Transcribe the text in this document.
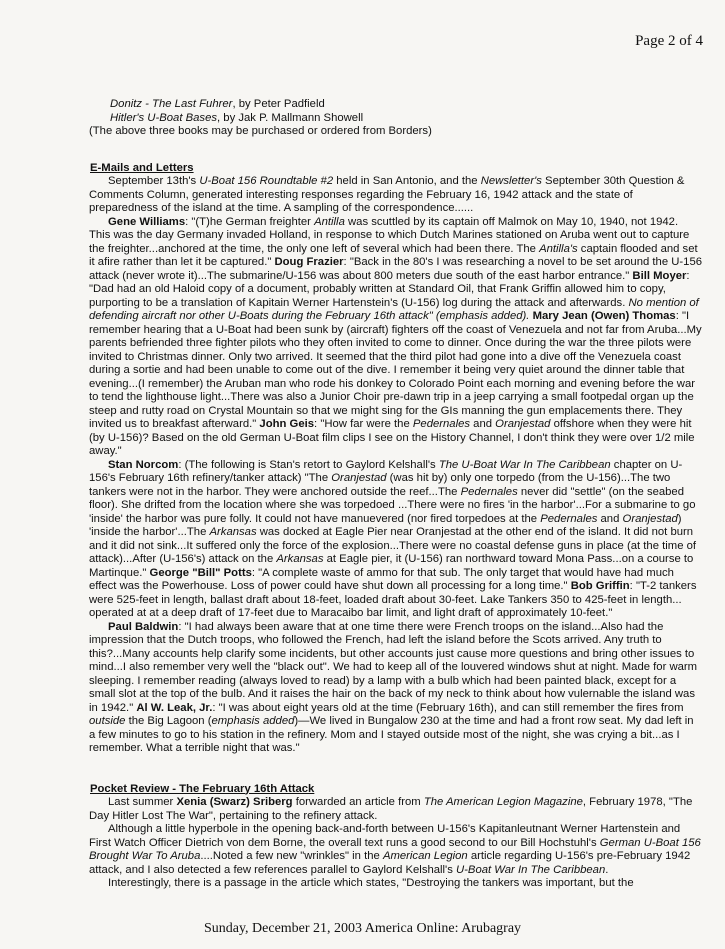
Page 2 of 4
Donitz - The Last Fuhrer, by Peter Padfield
Hitler's U-Boat Bases, by Jak P. Mallmann Showell
(The above three books may be purchased or ordered from Borders)
E-Mails and Letters

September 13th's U-Boat 156 Roundtable #2 held in San Antonio, and the Newsletter's September 30th Question & Comments Column, generated interesting responses regarding the February 16, 1942 attack and the state of preparedness of the island at the time. A sampling of the correspondence......

Gene Williams: "(T)he German freighter Antilla was scuttled by its captain off Malmok on May 10, 1940, not 1942. This was the day Germany invaded Holland, in response to which Dutch Marines stationed on Aruba went out to capture the freighter...anchored at the time, the only one left of several which had been there. The Antilla's captain flooded and set it afire rather than let it be captured." Doug Frazier: "Back in the 80's I was researching a novel to be set around the U-156 attack (never wrote it)...The submarine/U-156 was about 800 meters due south of the east harbor entrance." Bill Moyer: "Dad had an old Haloid copy of a document, probably written at Standard Oil, that Frank Griffin allowed him to copy, purporting to be a translation of Kapitain Werner Hartenstein's (U-156) log during the attack and afterwards. No mention of defending aircraft nor other U-Boats during the February 16th attack" (emphasis added). Mary Jean (Owen) Thomas: "I remember hearing that a U-Boat had been sunk by (aircraft) fighters off the coast of Venezuela and not far from Aruba...My parents befriended three fighter pilots who they often invited to come to dinner. Once during the war the three pilots were invited to Christmas dinner. Only two arrived. It seemed that the third pilot had gone into a dive off the Venezuela coast during a sortie and had been unable to come out of the dive. I remember it being very quiet around the dinner table that evening...(I remember) the Aruban man who rode his donkey to Colorado Point each morning and evening before the war to tend the lighthouse light...There was also a Junior Choir pre-dawn trip in a jeep carrying a small footpedal organ up the steep and rutty road on Crystal Mountain so that we might sing for the GIs manning the gun emplacements there. They invited us to breakfast afterward." John Geis: "How far were the Pedernales and Oranjestad offshore when they were hit (by U-156)? Based on the old German U-Boat film clips I see on the History Channel, I don't think they were over 1/2 mile away."

Stan Norcom: (The following is Stan's retort to Gaylord Kelshall's The U-Boat War In The Caribbean chapter on U-156's February 16th refinery/tanker attack) "The Oranjestad (was hit by) only one torpedo (from the U-156)...The two tankers were not in the harbor. They were anchored outside the reef...The Pedernales never did "settle" (on the seabed floor). She drifted from the location where she was torpedoed ...There were no fires 'in the harbor'...For a submarine to go 'inside' the harbor was pure folly. It could not have manuevered (nor fired torpedoes at the Pedernales and Oranjestad) 'inside the harbor'...The Arkansas was docked at Eagle Pier near Oranjestad at the other end of the island. It did not burn and it did not sink...It suffered only the force of the explosion...There were no coastal defense guns in place (at the time of attack)...After (U-156's) attack on the Arkansas at Eagle pier, it (U-156) ran northward toward Mona Pass...on a course to Martinque." George "Bill" Potts: "A complete waste of ammo for that sub. The only target that would have had much effect was the Powerhouse. Loss of power could have shut down all processing for a long time." Bob Griffin: "T-2 tankers were 525-feet in length, ballast draft about 18-feet, loaded draft about 30-feet. Lake Tankers 350 to 425-feet in length... operated at at a deep draft of 17-feet due to Maracaibo bar limit, and light draft of approximately 10-feet."

Paul Baldwin: "I had always been aware that at one time there were French troops on the island...Also had the impression that the Dutch troops, who followed the French, had left the island before the Scots arrived. Any truth to this?...Many accounts help clarify some incidents, but other accounts just cause more questions and bring other issues to mind...I also remember very well the "black out". We had to keep all of the louvered windows shut at night. Made for warm sleeping. I remember reading (always loved to read) by a lamp with a bulb which had been painted black, except for a small slot at the top of the bulb. And it raises the hair on the back of my neck to think about how vulernable the island was in 1942." Al W. Leak, Jr.: "I was about eight years old at the time (February 16th), and can still remember the fires from outside the Big Lagoon (emphasis added)—We lived in Bungalow 230 at the time and had a front row seat. My dad left in a few minutes to go to his station in the refinery. Mom and I stayed outside most of the night, she was crying a bit...as I remember. What a terrible night that was."

Pocket Review - The February 16th Attack

Last summer Xenia (Swarz) Sriberg forwarded an article from The American Legion Magazine, February 1978, "The Day Hitler Lost The War", pertaining to the refinery attack.

Although a little hyperbole in the opening back-and-forth between U-156's Kapitanleutnant Werner Hartenstein and First Watch Officer Dietrich von dem Borne, the overall text runs a good second to our Bill Hochstuhl's German U-Boat 156 Brought War To Aruba....Noted a few new "wrinkles" in the American Legion article regarding U-156's pre-February 1942 attack, and I also detected a few references parallel to Gaylord Kelshall's U-Boat War In The Caribbean.

Interestingly, there is a passage in the article which states, "Destroying the tankers was important, but the

Sunday, December 21, 2003 America Online: Arubagray
